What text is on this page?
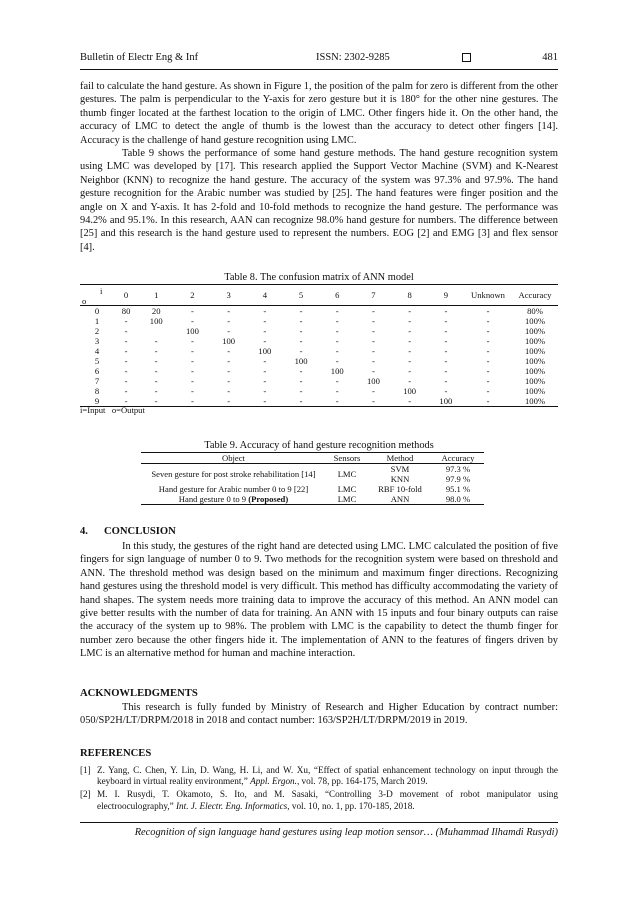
Bulletin of Electr Eng & Inf	ISSN: 2302-9285	481

fail to calculate the hand gesture. As shown in Figure 1, the position of the palm for zero is different from the other gestures. The palm is perpendicular to the Y-axis for zero gesture but it is 180° for the other nine gestures. The thumb finger located at the farthest location to the origin of LMC. Other fingers hide it. On the other hand, the accuracy of LMC to detect the angle of thumb is the lowest than the accuracy to detect other fingers [14]. Accuracy is the challenge of hand gesture recognition using LMC.

Table 9 shows the performance of some hand gesture methods. The hand gesture recognition system using LMC was developed by [17]. This research applied the Support Vector Machine (SVM) and K-Nearest Neighbor (KNN) to recognize the hand gesture. The accuracy of the system was 97.3% and 97.9%. The hand gesture recognition for the Arabic number was studied by [25]. The hand features were finger position and the angle on X and Y-axis. It has 2-fold and 10-fold methods to recognize the hand gesture. The performance was 94.2% and 95.1%. In this research, AAN can recognize 98.0% hand gesture for numbers. The difference between [25] and this research is the hand gesture used to represent the numbers. EOG [2] and EMG [3] and flex sensor [4].

Table 8. The confusion matrix of ANN model
i
o	0	1	2	3	4	5	6	7	8	9	Unknown	Accuracy
0	80	20	-	-	-	-	-	-	-	-	-	80%
1	-	100	-	-	-	-	-	-	-	-	-	100%
2	-		100	-	-	-	-	-	-	-	-	100%
3	-	-	-	100	-	-	-	-	-	-	-	100%
4	-	-	-	-	100	-	-	-	-	-	-	100%
5	-	-	-	-	-	100	-	-	-	-	-	100%
6	-	-	-	-	-	-	100	-	-	-	-	100%
7	-	-	-	-	-	-	-	100	-	-	-	100%
8	-	-	-	-	-	-	-	-	100	-	-	100%
9	-	-	-	-	-	-	-	-	-	100	-	100%
i=Input   o=Output
Table 9. Accuracy of hand gesture recognition methods
Object	Sensors	Method	Accuracy
Seven gesture for post stroke rehabilitation [14]	LMC	SVM	97.3 %
		KNN	97.9 %
Hand gesture for Arabic number 0 to 9 [22]	LMC	RBF 10-fold	95.1 %
Hand gesture 0 to 9 (Proposed)	LMC	ANN	98.0 %
4. CONCLUSION

In this study, the gestures of the right hand are detected using LMC. LMC calculated the position of five fingers for sign language of number 0 to 9. Two methods for the recognition system were based on threshold and ANN. The threshold method was design based on the minimum and maximum finger directions. Recognizing hand gestures using the threshold model is very difficult. This method has difficulty accommodating the variety of hand shapes. The system needs more training data to improve the accuracy of this method. An ANN model can give better results with the number of data for training. An ANN with 15 inputs and four binary outputs can raise the accuracy of the system up to 98%. The problem with LMC is the capability to detect the thumb finger for number zero because the other fingers hide it. The implementation of ANN to the features of fingers driven by LMC is an alternative method for human and machine interaction.

ACKNOWLEDGMENTS

This research is fully funded by Ministry of Research and Higher Education by contract number: 050/SP2H/LT/DRPM/2018 in 2018 and contact number: 163/SP2H/LT/DRPM/2019 in 2019.

REFERENCES
[1] Z. Yang, C. Chen, Y. Lin, D. Wang, H. Li, and W. Xu, “Effect of spatial enhancement technology on input through the keyboard in virtual reality environment,” Appl. Ergon., vol. 78, pp. 164-175, March 2019.
[2] M. I. Rusydi, T. Okamoto, S. Ito, and M. Sasaki, “Controlling 3-D movement of robot manipulator using electrooculography,” Int. J. Electr. Eng. Informatics, vol. 10, no. 1, pp. 170-185, 2018.
Recognition of sign language hand gestures using leap motion sensor… (Muhammad Ilhamdi Rusydi)
